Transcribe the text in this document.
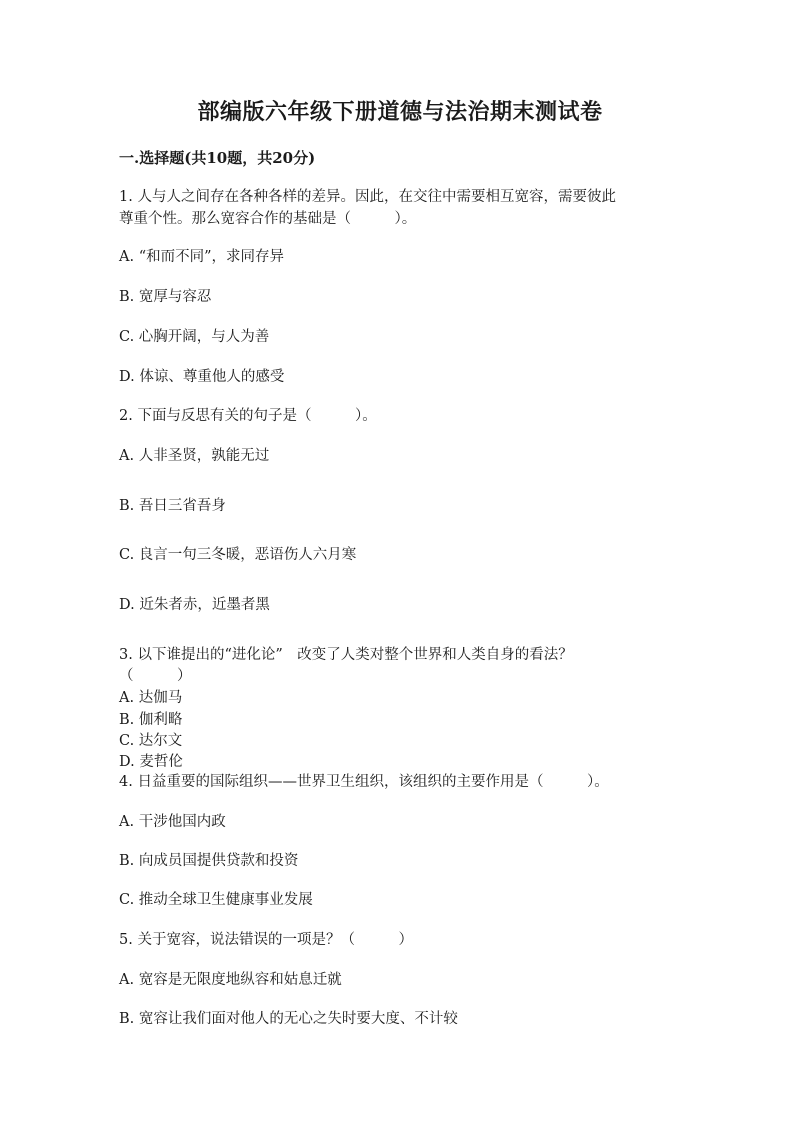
部编版六年级下册道德与法治期末测试卷
一.选择题(共10题，共20分)
1. 人与人之间存在各种各样的差异。因此，在交往中需要相互宽容，需要彼此
尊重个性。那么宽容合作的基础是（　　　）。
A. “和而不同”，求同存异
B. 宽厚与容忍
C. 心胸开阔，与人为善
D. 体谅、尊重他人的感受
2. 下面与反思有关的句子是（　　　）。
A. 人非圣贤，孰能无过
B. 吾日三省吾身
C. 良言一句三冬暖，恶语伤人六月寒
D. 近朱者赤，近墨者黑
3. 以下谁提出的“进化论”　改变了人类对整个世界和人类自身的看法？
（　　　）
A. 达伽马
B. 伽利略
C. 达尔文
D. 麦哲伦
4. 日益重要的国际组织——世界卫生组织，该组织的主要作用是（　　　）。
A. 干涉他国内政
B. 向成员国提供贷款和投资
C. 推动全球卫生健康事业发展
5. 关于宽容，说法错误的一项是？（　　　）
A. 宽容是无限度地纵容和姑息迁就
B. 宽容让我们面对他人的无心之失时要大度、不计较
